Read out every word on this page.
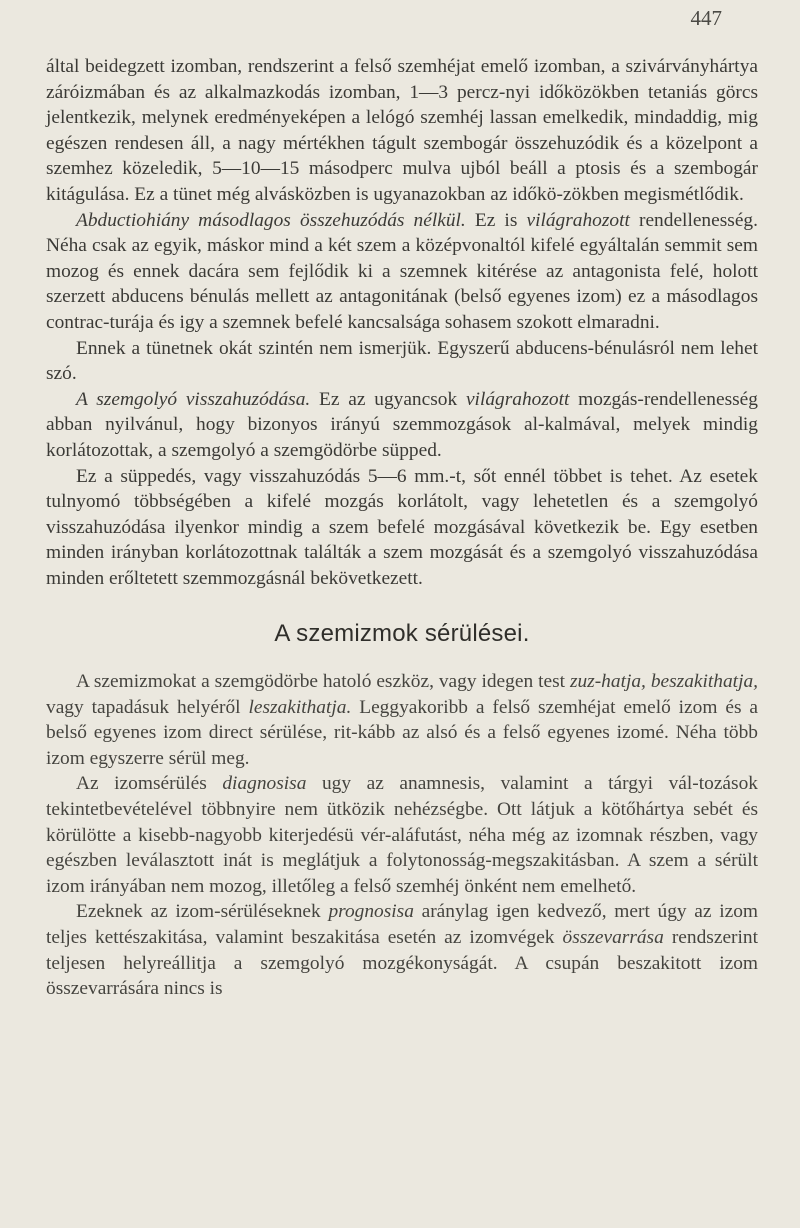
447

által beidegzett izomban, rendszerint a felső szemhéjat emelő izomban, a szivárványhártya záróizmában és az alkalmazkodás izomban, 1—3 percz-nyi időközökben tetaniás görcs jelentkezik, melynek eredményeképen a lelógó szemhéj lassan emelkedik, mindaddig, mig egészen rendesen áll, a nagy mértékhen tágult szembogár összehuzódik és a közelpont a szemhez közeledik, 5—10—15 másodperc mulva ujból beáll a ptosis és a szembogár kitágulása. Ez a tünet még alvásközben is ugyanazokban az időkö-zökben megismétlődik.

Abductiohiány másodlagos összehuzódás nélkül. Ez is világrahozott rendellenesség. Néha csak az egyik, máskor mind a két szem a középvonaltól kifelé egyáltalán semmit sem mozog és ennek dacára sem fejlődik ki a szemnek kitérése az antagonista felé, holott szerzett abducens bénulás mellett az antagonitának (belső egyenes izom) ez a másodlagos contrac-turája és igy a szemnek befelé kancsalsága sohasem szokott elmaradni.

Ennek a tünetnek okát szintén nem ismerjük. Egyszerű abducens-bénulásról nem lehet szó.

A szemgolyó visszahuzódása. Ez az ugyancsok világrahozott mozgás-rendellenesség abban nyilvánul, hogy bizonyos irányú szemmozgások al-kalmával, melyek mindig korlátozottak, a szemgolyó a szemgödörbe süpped.

Ez a süppedés, vagy visszahuzódás 5—6 mm.-t, sőt ennél többet is tehet. Az esetek tulnyomó többségében a kifelé mozgás korlátolt, vagy lehetetlen és a szemgolyó visszahuzódása ilyenkor mindig a szem befelé mozgásával következik be. Egy esetben minden irányban korlátozottnak találták a szem mozgását és a szemgolyó visszahuzódása minden erőltetett szemmozgásnál bekövetkezett.

A szemizmok sérülései.

A szemizmokat a szemgödörbe hatoló eszköz, vagy idegen test zuz-hatja, beszakithatja, vagy tapadásuk helyéről leszakithatja. Leggyakoribb a felső szemhéjat emelő izom és a belső egyenes izom direct sérülése, rit-kább az alsó és a felső egyenes izomé. Néha több izom egyszerre sérül meg.

Az izomsérülés diagnosisa ugy az anamnesis, valamint a tárgyi vál-tozások tekintetbevételével többnyire nem ütközik nehézségbe. Ott látjuk a kötőhártya sebét és körülötte a kisebb-nagyobb kiterjedésü vér-aláfutást, néha még az izomnak részben, vagy egészben leválasztott inát is meglátjuk a folytonosság-megszakitásban. A szem a sérült izom irányában nem mozog, illetőleg a felső szemhéj önként nem emelhető.

Ezeknek az izom-sérüléseknek prognosisa aránylag igen kedvező, mert úgy az izom teljes kettészakitása, valamint beszakitása esetén az izomvégek összevarrása rendszerint teljesen helyreállitja a szemgolyó mozgékonyságát. A csupán beszakitott izom összevarrására nincs is
